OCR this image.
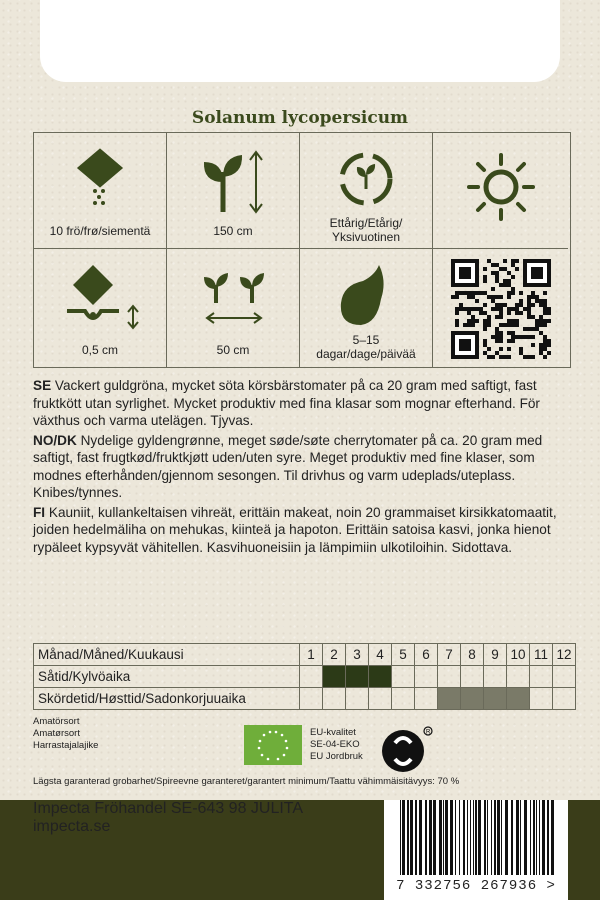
Solanum lycopersicum
10 frö/frø/siementä	150 cm
Ettårig/Etårig/
Yksivuotinen
0,5 cm	50 cm
5–15
dagar/dage/päivää

SE Vackert guldgröna, mycket söta körsbärstomater på ca 20 gram med saftigt, fast fruktkött utan syrlighet. Mycket produktiv med fina klasar som mognar efterhand. För växthus och varma utelägen. Tjyvas.

NO/DK Nydelige gyldengrønne, meget søde/søte cherrytomater på ca. 20 gram med saftigt, fast frugtkød/fruktkjøtt uden/uten syre. Meget produktiv med fine klaser, som modnes efterhånden/gjennom sesongen. Til drivhus og varm udeplads/uteplass. Knibes/tynnes.

FI Kauniit, kullankeltaisen vihreät, erittäin makeat, noin 20 grammaiset kirsikkatomaatit, joiden hedelmäliha on mehukas, kiinteä ja hapoton. Erittäin satoisa kasvi, jonka hienot rypäleet kypsyvät vähitellen. Kasvihuoneisiin ja lämpimiin ulkotiloihin. Sidottava.

Månad/Måned/Kuukausi	1	2	3	4	5	6	7	8	9	10	11	12
Såtid/Kylvöaika												
Skördetid/Høsttid/Sadonkorjuuaika												
Amatörsort
Amatørsort
Harrastajalajike
EU-kvalitet
SE-04-EKO
EU Jordbruk
R
Lägsta garanterad grobarhet/Spireevne garanteret/garantert minimum/Taattu vähimmäisitävyys: 70 %
Impecta Fröhandel SE-643 98 JULITA
impecta.se
7 332756 267936 >
